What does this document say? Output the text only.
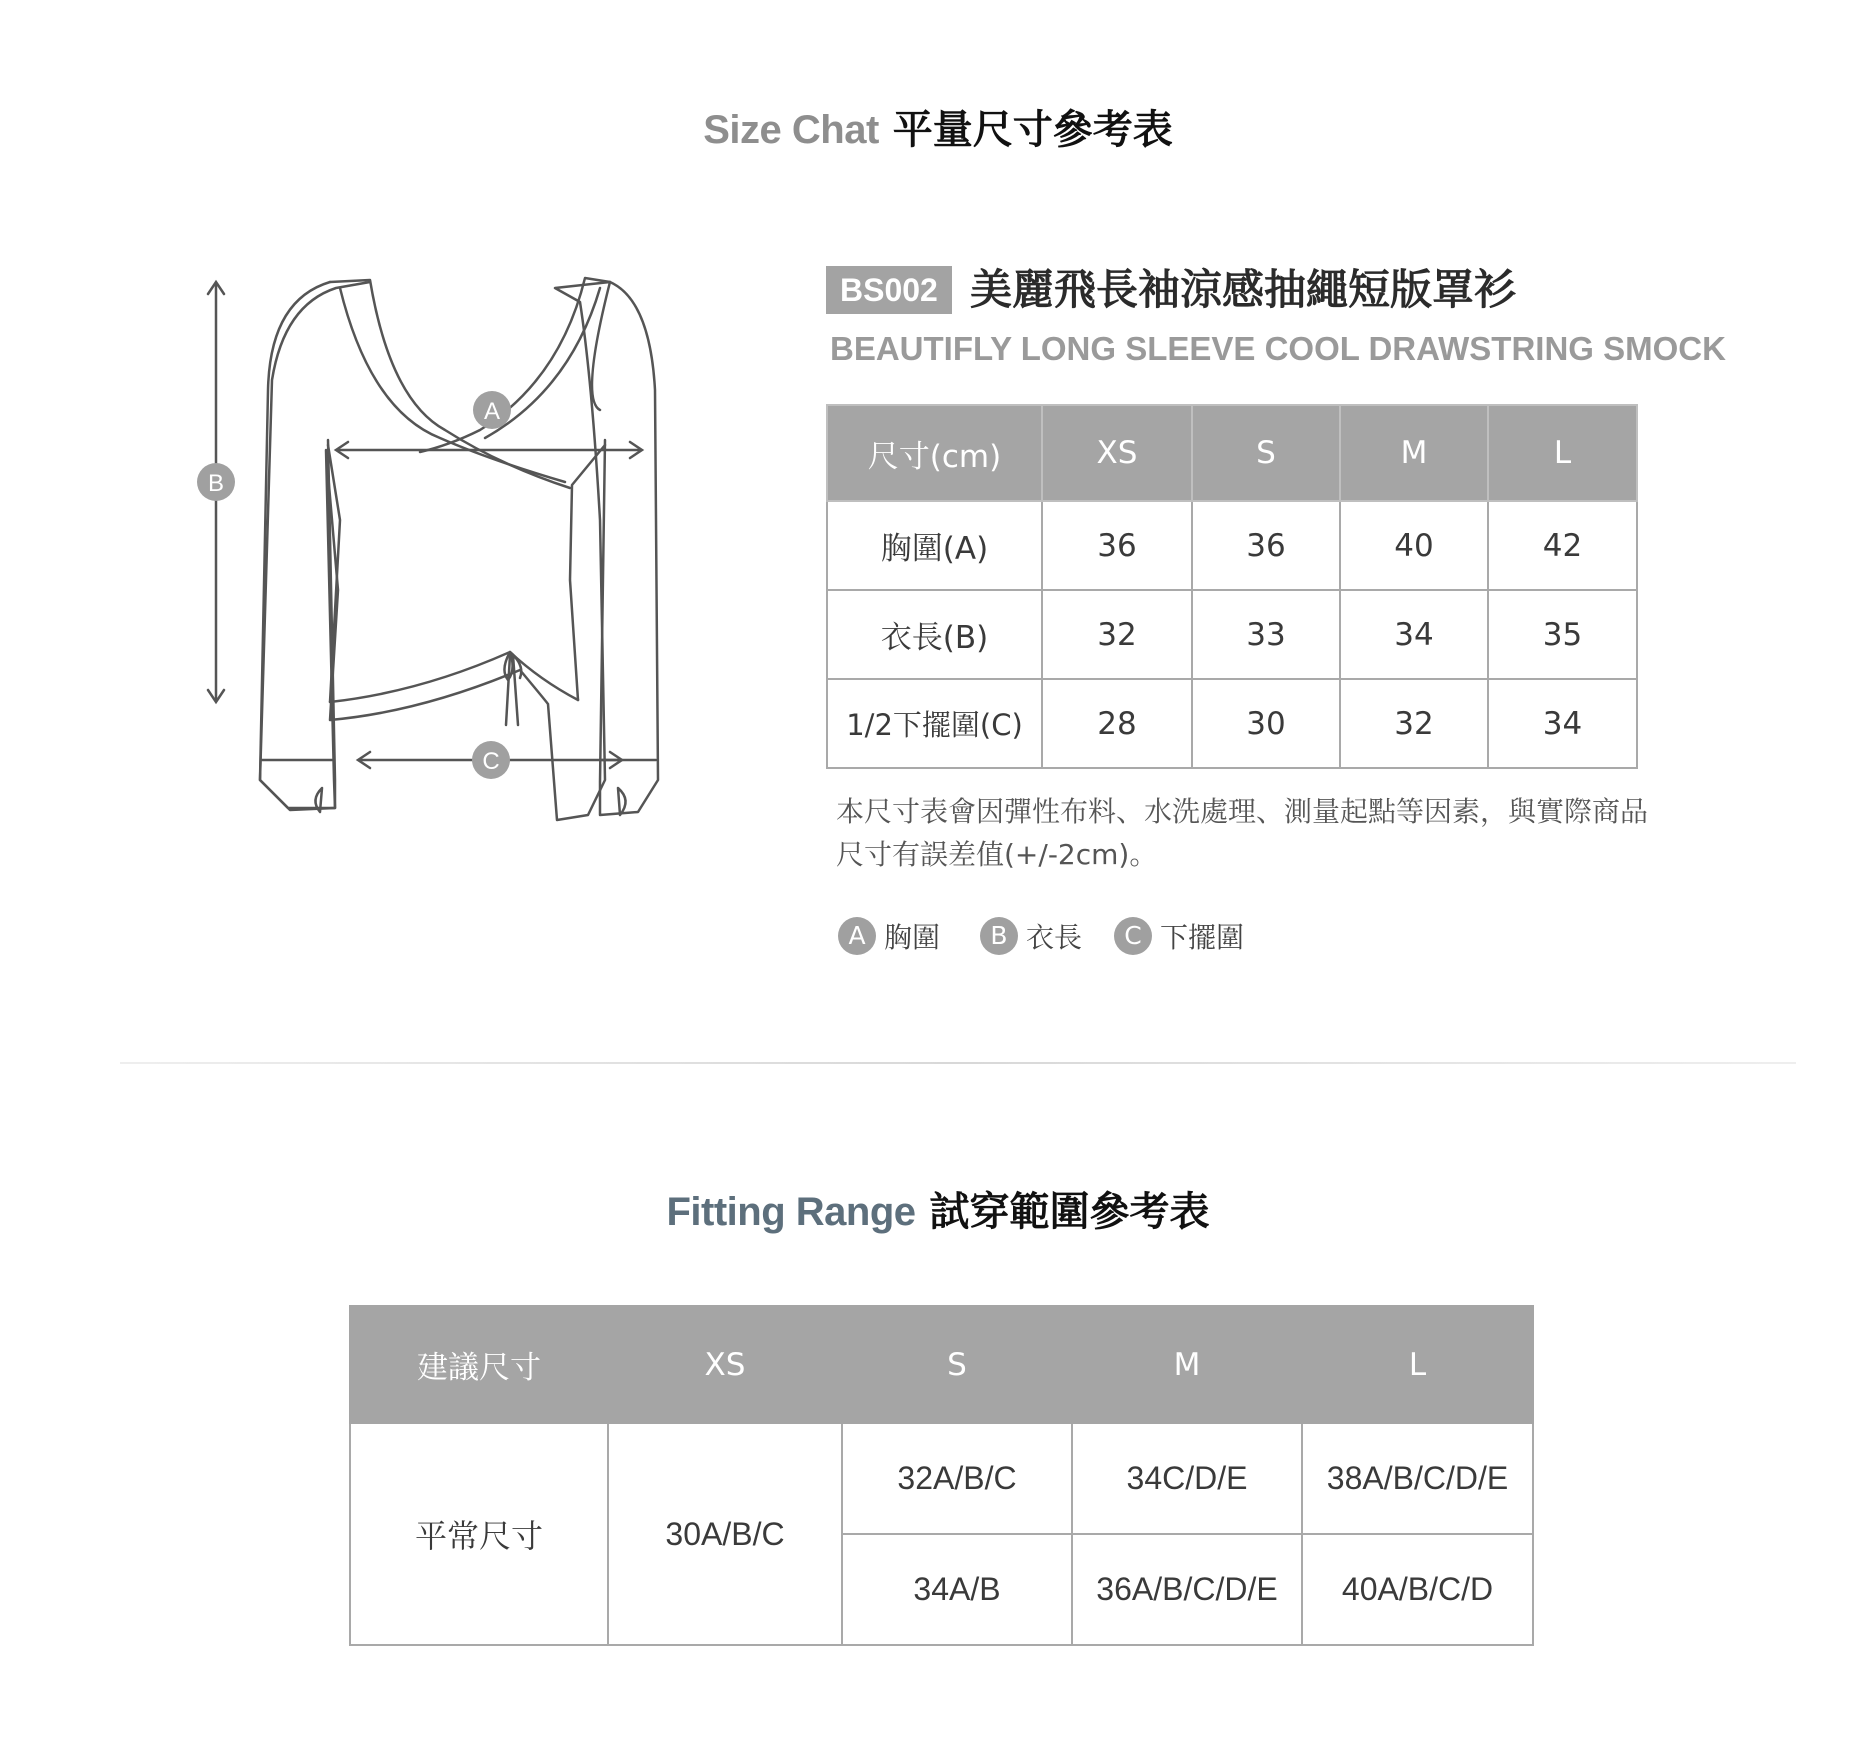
Size Chat 平量尺寸參考表
A
B
C
BS002 美麗飛長袖涼感抽繩短版罩衫
BEAUTIFLY LONG SLEEVE COOL DRAWSTRING SMOCK
尺寸(cm)	XS	S	M	L
胸圍(A)	36	36	40	42
衣長(B)	32	33	34	35
1/2下擺圍(C)	28	30	32	34
本尺寸表會因彈性布料、水洗處理、測量起點等因素，與實際商品尺寸有誤差值(+/-2cm)。
A 胸圍	B 衣長	C 下擺圍
Fitting Range 試穿範圍參考表
建議尺寸	XS	S	M	L
平常尺寸	30A/B/C	32A/B/C	34C/D/E	38A/B/C/D/E
		34A/B	36A/B/C/D/E	40A/B/C/D
